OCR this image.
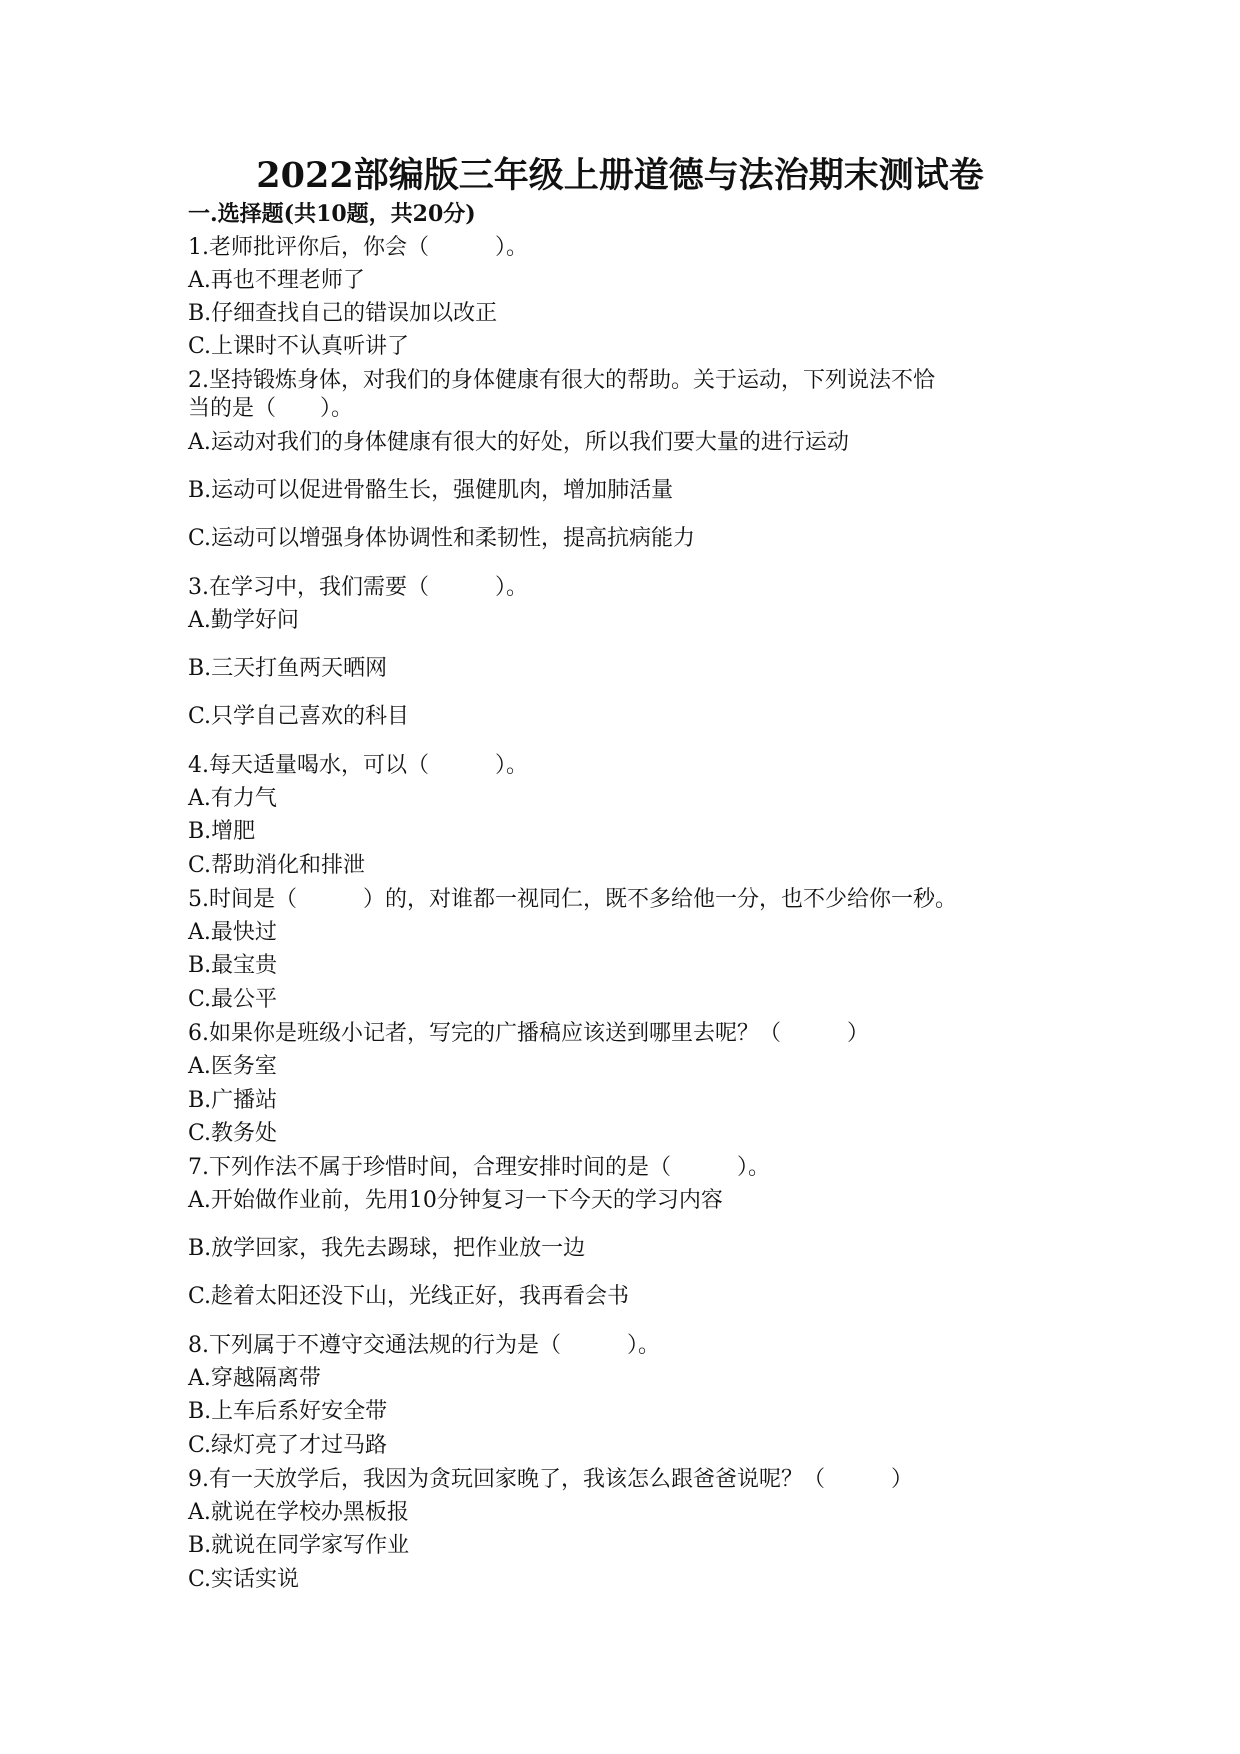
2022部编版三年级上册道德与法治期末测试卷
一.选择题(共10题，共20分)
1.老师批评你后，你会（　　　）。
A.再也不理老师了
B.仔细查找自己的错误加以改正
C.上课时不认真听讲了
2.坚持锻炼身体，对我们的身体健康有很大的帮助。关于运动，下列说法不恰
当的是（　　）。
A.运动对我们的身体健康有很大的好处，所以我们要大量的进行运动
B.运动可以促进骨骼生长，强健肌肉，增加肺活量
C.运动可以增强身体协调性和柔韧性，提高抗病能力
3.在学习中，我们需要（　　　）。
A.勤学好问
B.三天打鱼两天晒网
C.只学自己喜欢的科目
4.每天适量喝水，可以（　　　）。
A.有力气
B.增肥
C.帮助消化和排泄
5.时间是（　　　）的，对谁都一视同仁，既不多给他一分，也不少给你一秒。
A.最快过
B.最宝贵
C.最公平
6.如果你是班级小记者，写完的广播稿应该送到哪里去呢？（　　　）
A.医务室
B.广播站
C.教务处
7.下列作法不属于珍惜时间，合理安排时间的是（　　　）。
A.开始做作业前，先用10分钟复习一下今天的学习内容
B.放学回家，我先去踢球，把作业放一边
C.趁着太阳还没下山，光线正好，我再看会书
8.下列属于不遵守交通法规的行为是（　　　）。
A.穿越隔离带
B.上车后系好安全带
C.绿灯亮了才过马路
9.有一天放学后，我因为贪玩回家晚了，我该怎么跟爸爸说呢？（　　　）
A.就说在学校办黑板报
B.就说在同学家写作业
C.实话实说
